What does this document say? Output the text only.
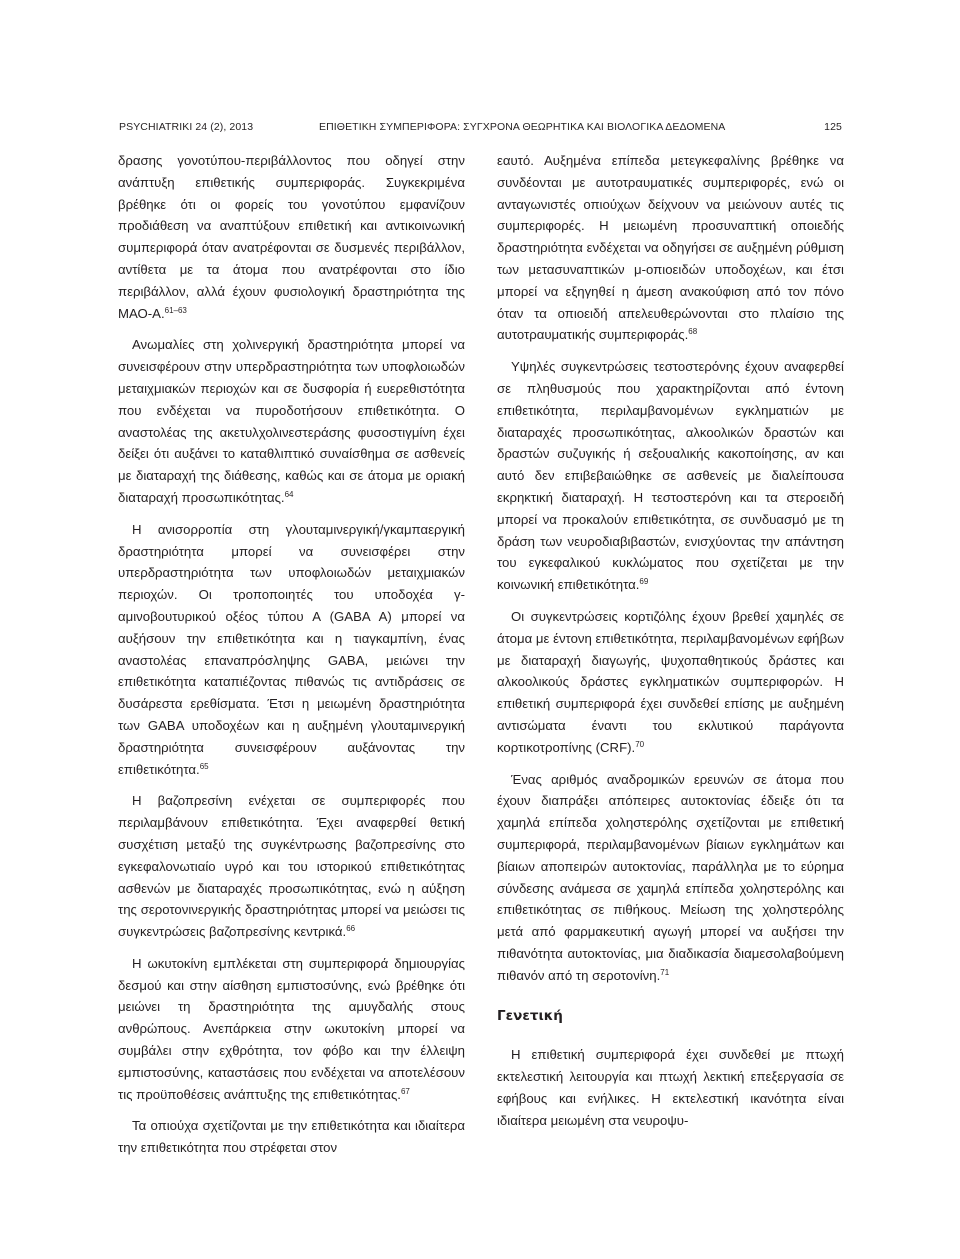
PSYCHIATRIKI 24 (2), 2013	ΕΠΙΘΕΤΙΚΗ ΣΥΜΠΕΡΙΦΟΡΑ: ΣΥΓΧΡΟΝΑ ΘΕΩΡΗΤΙΚΑ ΚΑΙ ΒΙΟΛΟΓΙΚΑ ΔΕΔΟΜΕΝΑ	125

δρασης γονοτύπου-περιβάλλοντος που οδηγεί στην ανάπτυξη επιθετικής συμπεριφοράς. Συγκεκριμένα βρέθηκε ότι οι φορείς του γονοτύπου εμφανίζουν προδιάθεση να αναπτύξουν επιθετική και αντικοινωνική συμπεριφορά όταν ανατρέφονται σε δυσμενές περιβάλλον, αντίθετα με τα άτομα που ανατρέφονται στο ίδιο περιβάλλον, αλλά έχουν φυσιολογική δραστηριότητα της ΜΑΟ-Α.$^{61-63}$

Ανωμαλίες στη χολινεργική δραστηριότητα μπορεί να συνεισφέρουν στην υπερδραστηριότητα των υποφλοιωδών μεταιχμιακών περιοχών και σε δυσφορία ή ευερεθιστότητα που ενδέχεται να πυροδοτήσουν επιθετικότητα. Ο αναστολέας της ακετυλχολινεστεράσης φυσοστιγμίνη έχει δείξει ότι αυξάνει το καταθλιπτικό συναίσθημα σε ασθενείς με διαταραχή της διάθεσης, καθώς και σε άτομα με οριακή διαταραχή προσωπικότητας.$^{64}$

Η ανισορροπία στη γλουταμινεργική/γκαμπαεργική δραστηριότητα μπορεί να συνεισφέρει στην υπερδραστηριότητα των υποφλοιωδών μεταιχμιακών περιοχών. Οι τροποποιητές του υποδοχέα γ-αμινοβουτυρικού οξέος τύπου Α (GABA A) μπορεί να αυξήσουν την επιθετικότητα και η τιαγκαμπίνη, ένας αναστολέας επαναπρόσληψης GABA, μειώνει την επιθετικότητα καταπιέζοντας πιθανώς τις αντιδράσεις σε δυσάρεστα ερεθίσματα. Έτσι η μειωμένη δραστηριότητα των GABA υποδοχέων και η αυξημένη γλουταμινεργική δραστηριότητα συνεισφέρουν αυξάνοντας την επιθετικότητα.$^{65}$

Η βαζοπρεσίνη ενέχεται σε συμπεριφορές που περιλαμβάνουν επιθετικότητα. Έχει αναφερθεί θετική συσχέτιση μεταξύ της συγκέντρωσης βαζοπρεσίνης στο εγκεφαλονωτιαίο υγρό και του ιστορικού επιθετικότητας ασθενών με διαταραχές προσωπικότητας, ενώ η αύξηση της σεροτονινεργικής δραστηριότητας μπορεί να μειώσει τις συγκεντρώσεις βαζοπρεσίνης κεντρικά.$^{66}$

Η ωκυτοκίνη εμπλέκεται στη συμπεριφορά δημιουργίας δεσμού και στην αίσθηση εμπιστοσύνης, ενώ βρέθηκε ότι μειώνει τη δραστηριότητα της αμυγδαλής στους ανθρώπους. Ανεπάρκεια στην ωκυτοκίνη μπορεί να συμβάλει στην εχθρότητα, τον φόβο και την έλλειψη εμπιστοσύνης, καταστάσεις που ενδέχεται να αποτελέσουν τις προϋποθέσεις ανάπτυξης της επιθετικότητας.$^{67}$

Τα οπιούχα σχετίζονται με την επιθετικότητα και ιδιαίτερα την επιθετικότητα που στρέφεται στον

εαυτό. Αυξημένα επίπεδα μετεγκεφαλίνης βρέθηκε να συνδέονται με αυτοτραυματικές συμπεριφορές, ενώ οι ανταγωνιστές οπιούχων δείχνουν να μειώνουν αυτές τις συμπεριφορές. Η μειωμένη προσυναπτική οποιεδής δραστηριότητα ενδέχεται να οδηγήσει σε αυξημένη ρύθμιση των μετασυναπτικών μ-οπιοειδών υποδοχέων, και έτσι μπορεί να εξηγηθεί η άμεση ανακούφιση από τον πόνο όταν τα οπιοειδή απελευθερώνονται στο πλαίσιο της αυτοτραυματικής συμπεριφοράς.$^{68}$

Υψηλές συγκεντρώσεις τεστοστερόνης έχουν αναφερθεί σε πληθυσμούς που χαρακτηρίζονται από έντονη επιθετικότητα, περιλαμβανομένων εγκληματιών με διαταραχές προσωπικότητας, αλκοολικών δραστών και δραστών συζυγικής ή σεξουαλικής κακοποίησης, αν και αυτό δεν επιβεβαιώθηκε σε ασθενείς με διαλείπουσα εκρηκτική διαταραχή. Η τεστοστερόνη και τα στεροειδή μπορεί να προκαλούν επιθετικότητα, σε συνδυασμό με τη δράση των νευροδιαβιβαστών, ενισχύοντας την απάντηση του εγκεφαλικού κυκλώματος που σχετίζεται με την κοινωνική επιθετικότητα.$^{69}$

Οι συγκεντρώσεις κορτιζόλης έχουν βρεθεί χαμηλές σε άτομα με έντονη επιθετικότητα, περιλαμβανομένων εφήβων με διαταραχή διαγωγής, ψυχοπαθητικούς δράστες και αλκοολικούς δράστες εγκληματικών συμπεριφορών. Η επιθετική συμπεριφορά έχει συνδεθεί επίσης με αυξημένη αντισώματα έναντι του εκλυτικού παράγοντα κορτικοτροπίνης (CRF).$^{70}$

Ένας αριθμός αναδρομικών ερευνών σε άτομα που έχουν διαπράξει απόπειρες αυτοκτονίας έδειξε ότι τα χαμηλά επίπεδα χοληστερόλης σχετίζονται με επιθετική συμπεριφορά, περιλαμβανομένων βίαιων εγκλημάτων και βίαιων αποπειρών αυτοκτονίας, παράλληλα με το εύρημα σύνδεσης ανάμεσα σε χαμηλά επίπεδα χοληστερόλης και επιθετικότητας σε πιθήκους. Μείωση της χοληστερόλης μετά από φαρμακευτική αγωγή μπορεί να αυξήσει την πιθανότητα αυτοκτονίας, μια διαδικασία διαμεσολαβούμενη πιθανόν από τη σεροτονίνη.$^{71}$

Γενετική

Η επιθετική συμπεριφορά έχει συνδεθεί με πτωχή εκτελεστική λειτουργία και πτωχή λεκτική επεξεργασία σε εφήβους και ενήλικες. Η εκτελεστική ικανότητα είναι ιδιαίτερα μειωμένη στα νευροψυ-
